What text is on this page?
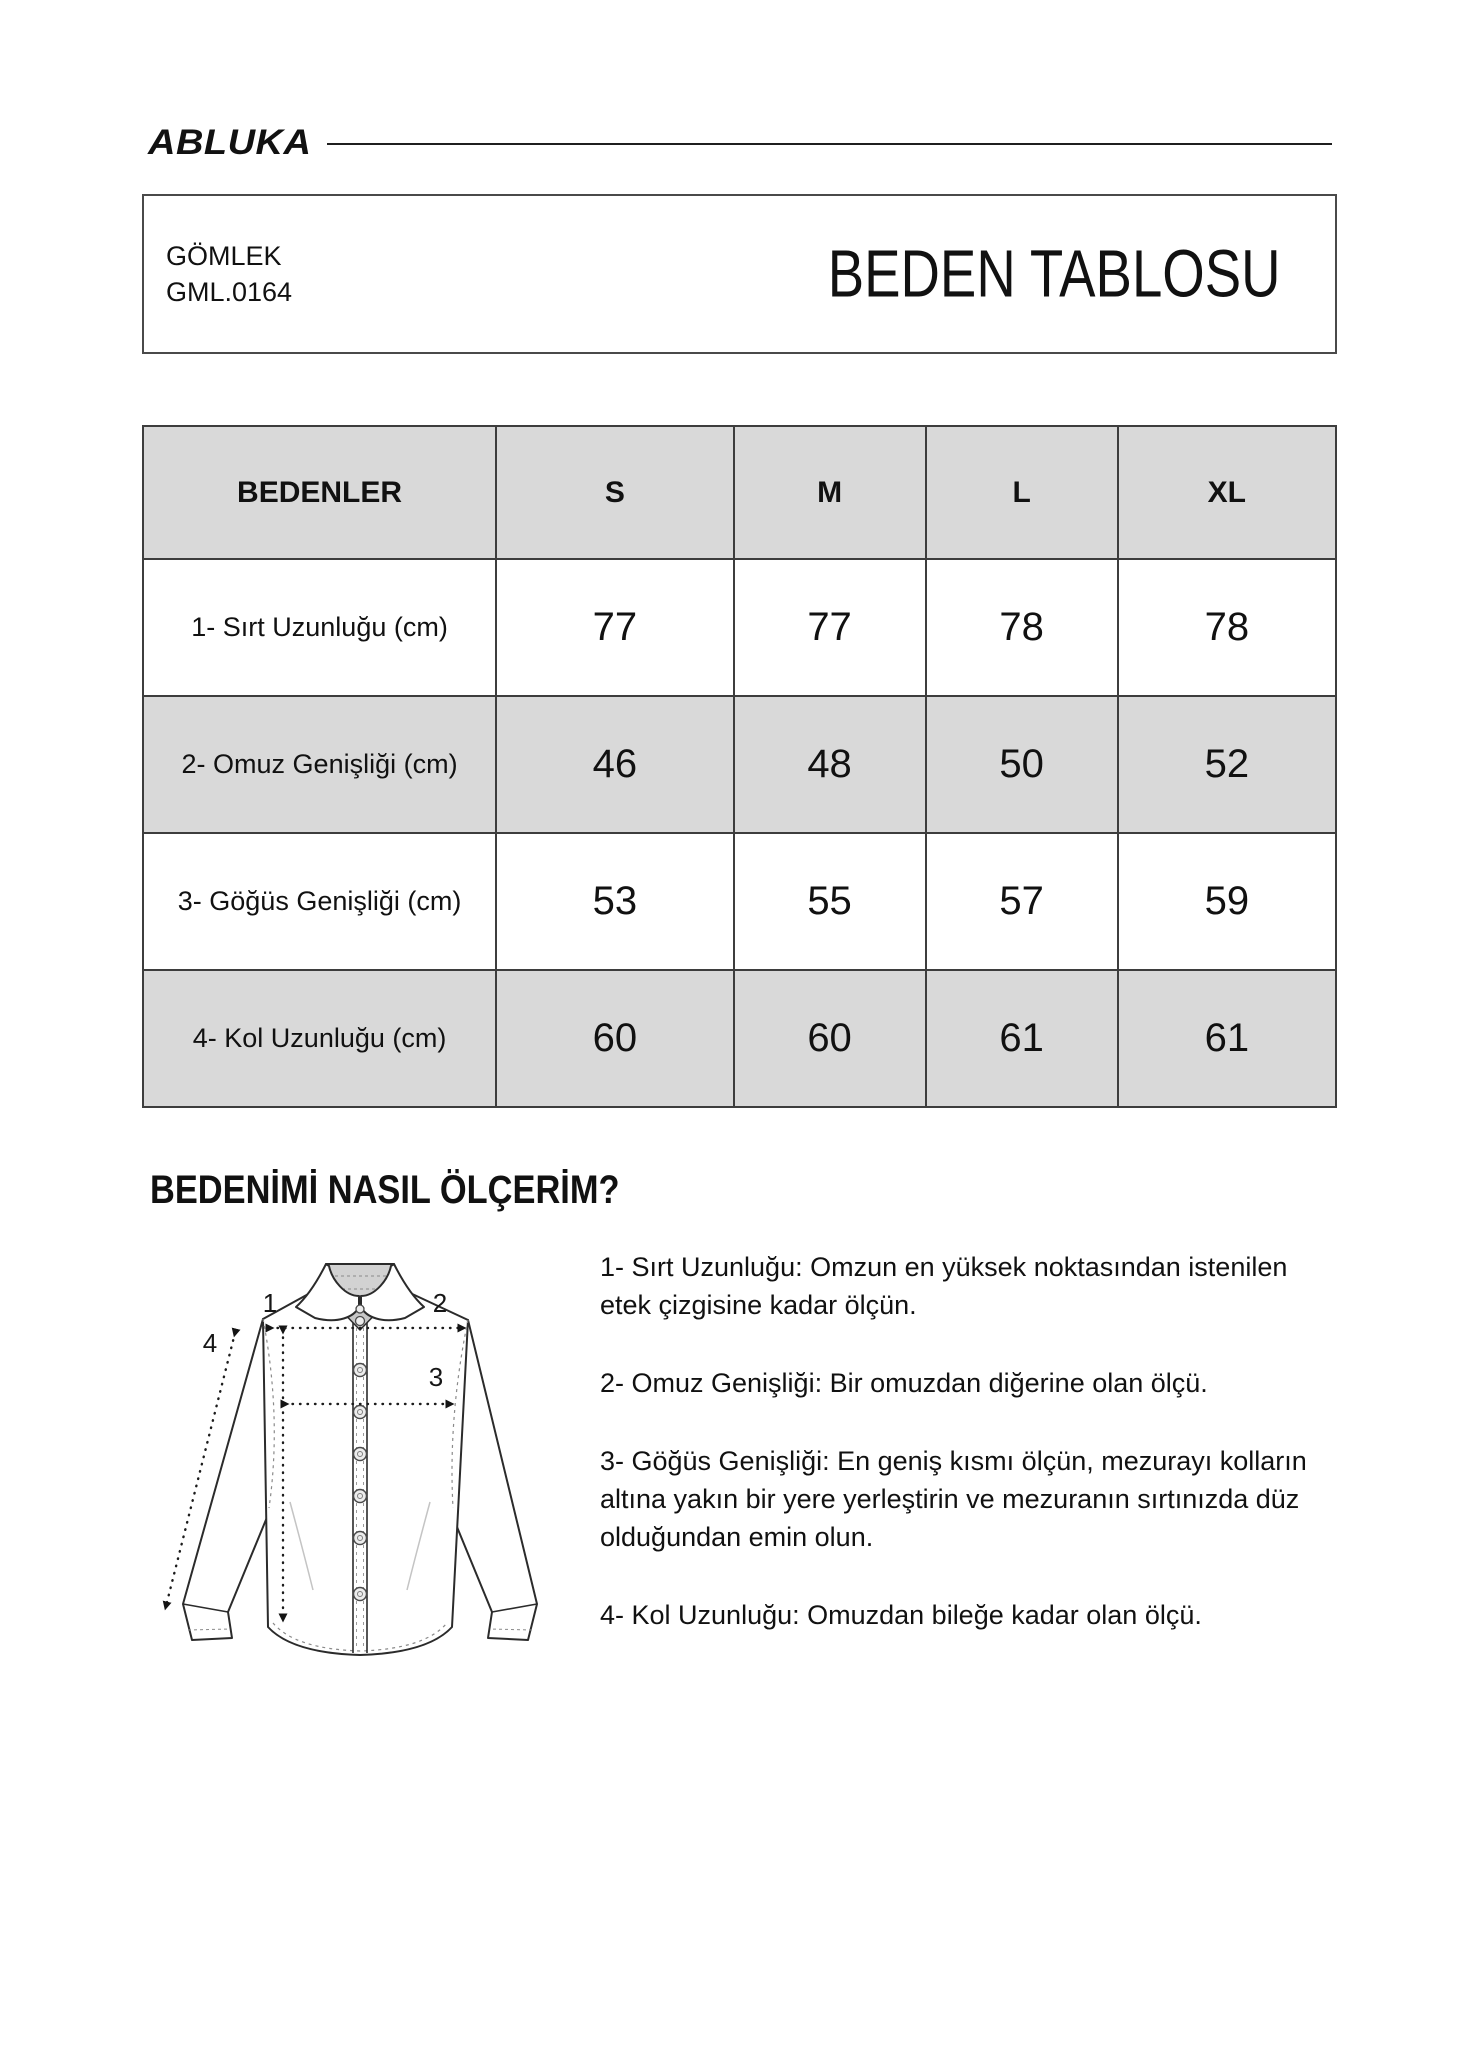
ABLUKA
GÖMLEK
GML.0164	BEDEN TABLOSU
BEDENLER	S	M	L	XL
1- Sırt Uzunluğu (cm)	77	77	78	78
2- Omuz Genişliği (cm)	46	48	50	52
3- Göğüs Genişliği (cm)	53	55	57	59
4- Kol Uzunluğu (cm)	60	60	61	61
BEDENİMİ NASIL ÖLÇERİM?
1	2
3
4

1- Sırt Uzunluğu: Omzun en yüksek noktasından istenilen etek çizgisine kadar ölçün.

2- Omuz Genişliği: Bir omuzdan diğerine olan ölçü.

3- Göğüs Genişliği: En geniş kısmı ölçün, mezurayı kolların altına yakın bir yere yerleştirin ve mezuranın sırtınızda düz olduğundan emin olun.

4- Kol Uzunluğu: Omuzdan bileğe kadar olan ölçü.
